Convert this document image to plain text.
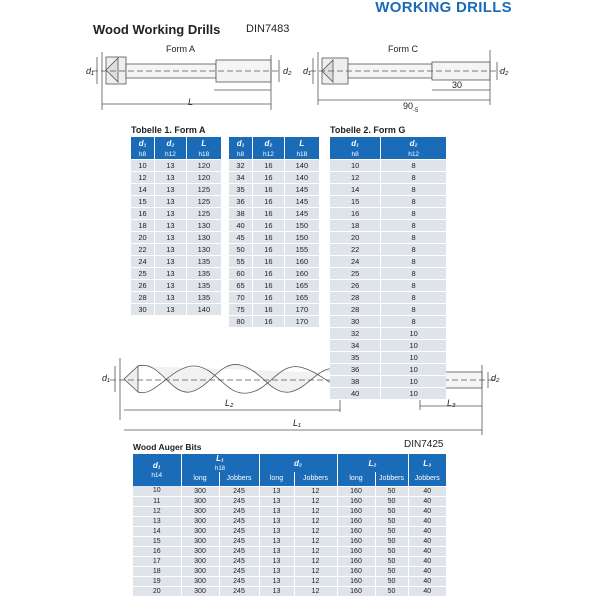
WORKING DRILLS
Wood Working Drills DIN7483
Form A
d₁	d₂
L
Form C
d₁	d₂
30
$90_{-5}$
Tobelle 1. Form A	Tobelle 2. Form G
d₁	d₂	L
h8	h12	h18
10	13	120
12	13	120
14	13	125
15	13	125
16	13	125
18	13	130
20	13	130
22	13	130
24	13	135
25	13	135
26	13	135
28	13	135
30	13	140
d₁	d₂	L
h8	h12	h18
32	16	140
34	16	140
35	16	145
36	16	145
38	16	145
40	16	150
45	16	150
50	16	155
55	16	160
60	16	160
65	16	165
70	16	165
75	16	170
80	16	170
d₁	d₂
h8	h12
10	8
12	8
14	8
15	8
16	8
18	8
20	8
22	8
24	8
25	8
26	8
28	8
28	8
30	8
32	10
34	10
35	10
36	10
38	10
40	10
d₁	d₂
L₂	L₃
L₁
Wood Auger Bits	DIN7425
d₁
h14	L₁
h18		d₂		L₂		L₃
	long	Jobbers	long	Jobbers	long	Jobbers	Jobbers
10	300	245	13	12	160	50	40
11	300	245	13	12	160	50	40
12	300	245	13	12	160	50	40
13	300	245	13	12	160	50	40
14	300	245	13	12	160	50	40
15	300	245	13	12	160	50	40
16	300	245	13	12	160	50	40
17	300	245	13	12	160	50	40
18	300	245	13	12	160	50	40
19	300	245	13	12	160	50	40
20	300	245	13	12	160	50	40
